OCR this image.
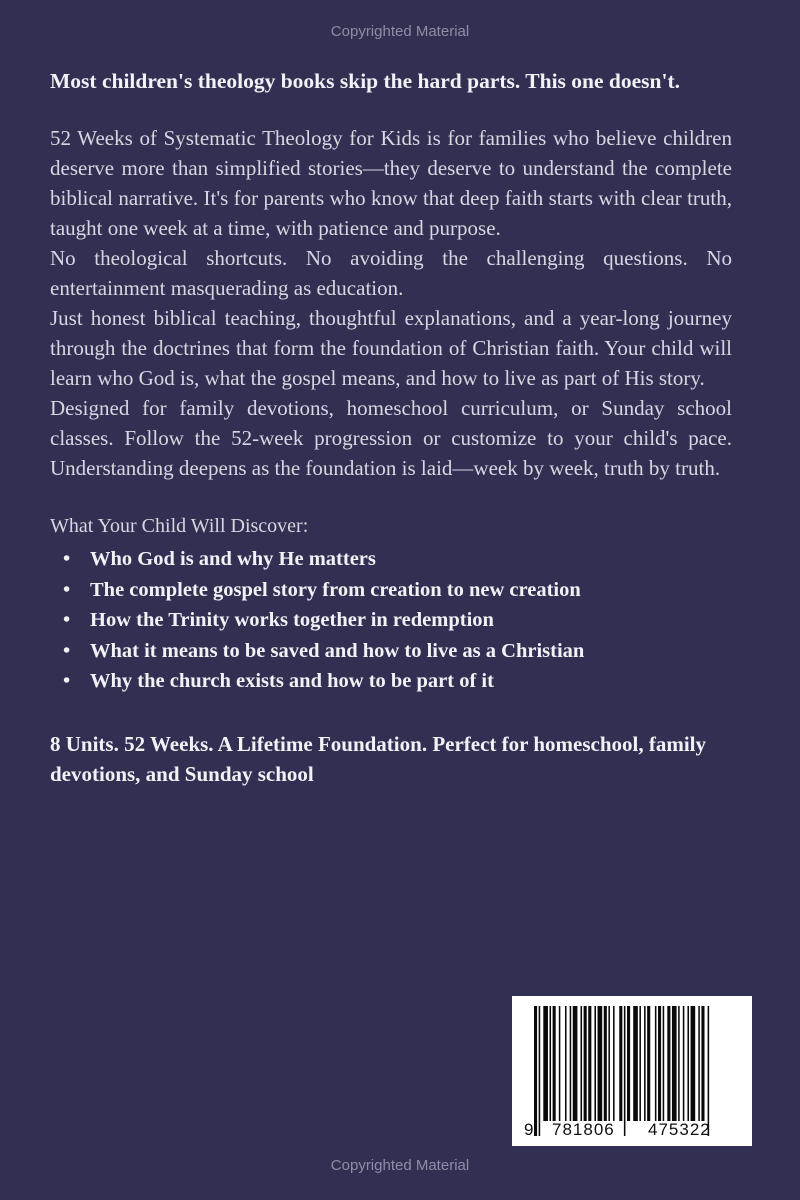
Copyrighted Material

Most children's theology books skip the hard parts. This one doesn't.

52 Weeks of Systematic Theology for Kids is for families who believe children deserve more than simplified stories—they deserve to understand the complete biblical narrative. It's for parents who know that deep faith starts with clear truth, taught one week at a time, with patience and purpose.

No theological shortcuts. No avoiding the challenging questions. No entertainment masquerading as education.

Just honest biblical teaching, thoughtful explanations, and a year-long journey through the doctrines that form the foundation of Christian faith. Your child will learn who God is, what the gospel means, and how to live as part of His story.

Designed for family devotions, homeschool curriculum, or Sunday school classes. Follow the 52-week progression or customize to your child's pace. Understanding deepens as the foundation is laid—week by week, truth by truth.

What Your Child Will Discover:
• Who God is and why He matters
• The complete gospel story from creation to new creation
• How the Trinity works together in redemption
• What it means to be saved and how to live as a Christian
• Why the church exists and how to be part of it

8 Units. 52 Weeks. A Lifetime Foundation. Perfect for homeschool, family devotions, and Sunday school

9 781806 475322
Copyrighted Material
